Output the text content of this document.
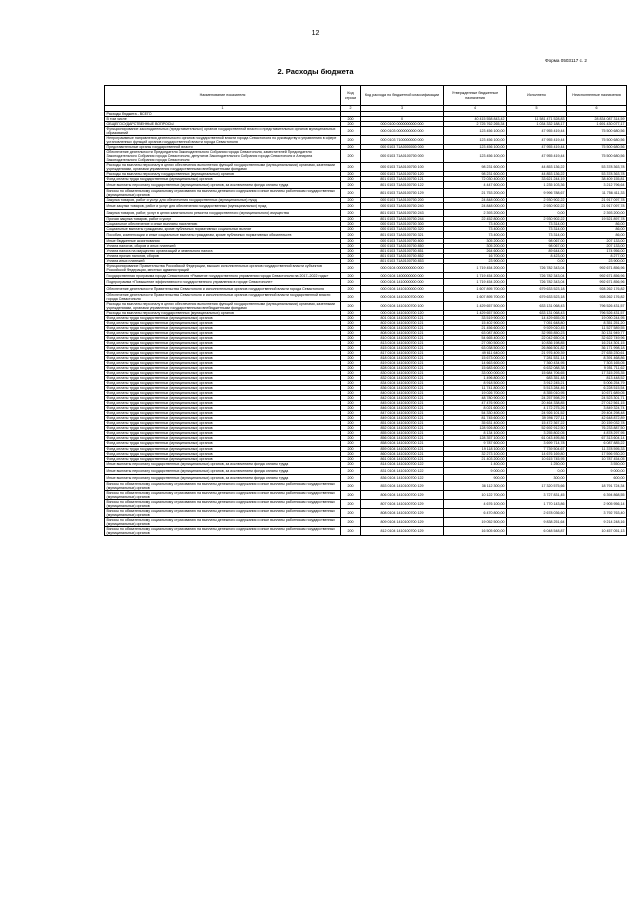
12
Форма 0503117 с. 2
2. Расходы бюджета
Наименование показателя	Код строки	Код расхода по бюджетной классификации	Утвержденные бюджетные назначения	Исполнено	Неисполненные назначения
1	2	3	4	5	6
Расходы бюджета - ВСЕГО					
В том числе	200	X	40 415 558 843,42	11 581 471 528,83	28 834 087 314,59
ОБЩЕГОСУДАРСТВЕННЫЕ ВОПРОСЫ	200	000 0100 0000000000 000	2 725 762 265,34	1 034 332 188,17	1 691 430 077,17
Функционирование законодательных (представительных) органов государственной власти и представительных органов муниципальных образований	200	000 0103 0000000000 000	123 456 100,00	47 955 419,44	75 500 680,56
Непрограммные направления деятельности органов государственной власти города Севастополя по руководству и управлению в сфере установленных функций органов государственной власти города Севастополя	200	000 0103 7100000000 000	123 456 100,00	47 955 419,44	75 500 680,56
Представительные органы государственной власти	200	000 0103 71A0000000 000	123 456 100,00	47 955 419,44	75 500 680,56
Обеспечение деятельности Председателя Законодательного Собрания города Севастополя, заместителей Председателя Законодательного Собрания города Севастополя, депутатов Законодательного Собрания города Севастополя и Аппарата Законодательного Собрания города Севастополя	200	000 0103 71A0100700 000	123 456 100,00	47 955 419,44	75 500 680,56
Расходы на выплаты персоналу в целях обеспечения выполнения функций государственными (муниципальными) органами, казенными учреждениями, органами управления государственными внебюджетными фондами	200	000 0103 71A0100700 100	98 231 600,00	44 853 136,22	53 378 363,78
Расходы на выплаты персоналу государственных (муниципальных) органов	200	000 0103 71A0100700 120	98 231 600,00	44 853 136,22	53 378 363,78
Фонд оплаты труда государственных (муниципальных) органов	200	801 0103 71A0100700 121	72 030 400,00	33 621 244,19	38 409 155,81
Иные выплаты персоналу государственных (муниципальных) органов, за исключением фонда оплаты труда	200	801 0103 71A0100700 122	4 447 600,00	1 235 103,36	3 212 796,64
Взносы по обязательному социальному страхованию на выплаты денежного содержания и иные выплаты работникам государственных (муниципальных) органов	200	801 0103 71A0100700 129	21 753 200,00	9 996 788,67	11 756 411,33
Закупка товаров, работ и услуг для обеспечения государственных (муниципальных) нужд	200	000 0103 71A0100700 200	24 848 000,00	2 930 902,22	21 917 097,78
Иные закупки товаров, работ и услуг для обеспечения государственных (муниципальных) нужд	200	000 0103 71A0100700 240	24 848 000,00	2 930 902,22	21 917 097,78
Закупка товаров, работ, услуг в целях капитального ремонта государственного (муниципального) имущества	200	801 0103 71A0100700 243	2 393 200,00	0,00	2 393 200,00
Прочая закупка товаров, работ и услуг	200	801 0103 71A0100700 244	22 452 800,00	2 930 902,22	19 521 897,78
Социальное обеспечение и иные выплаты населению	200	000 0103 71A0100700 300	73 400,00	73 314,00	86,00
Социальные выплаты гражданам, кроме публичных нормативных социальных выплат	200	000 0103 71A0100700 320	73 400,00	73 314,00	86,00
Пособия, компенсации и иные социальные выплаты гражданам, кроме публичных нормативных обязательств	200	801 0103 71A0100700 321	73 400,00	73 314,00	86,00
Иные бюджетные ассигнования	200	000 0103 71A0100700 800	305 200,00	98 067,00	207 133,00
Уплата налогов, сборов и иных платежей	200	000 0103 71A0100700 850	305 200,00	98 067,00	207 133,00
Уплата налога на имущество организаций и земельного налога	200	801 0103 71A0100700 851	264 600,00	89 644,00	174 956,00
Уплата прочих налогов, сборов	200	801 0103 71A0100700 852	16 700,00	8 423,00	8 277,00
Уплата иных платежей	200	801 0103 71A0100700 853	23 900,00	0,00	23 900,00
Функционирование Правительства Российской Федерации, высших исполнительных органов государственной власти субъектов Российской Федерации, местных администраций	200	000 0104 0000000000 000	1 719 454 200,00	726 782 343,04	992 671 856,96
Государственная программа города Севастополя «Развитие государственного управления города Севастополя на 2017–2022 годы»	200	000 0104 1400000000 000	1 719 454 200,00	726 782 343,04	992 671 856,96
Подпрограмма «Повышение эффективности государственного управления в городе Севастополе»	200	000 0104 1410000000 000	1 719 454 200,00	726 782 343,04	992 671 856,96
Обеспечение деятельности Правительства Севастополя и исполнительных органов государственной власти города Севастополя	200	000 0104 1410100000 000	1 607 895 700,00	679 633 523,18	928 262 176,82
Обеспечение деятельности Правительства Севастополя и исполнительных органов государственной власти государственной власти города Севастополя	200	000 0104 1410100700 000	1 607 895 700,00	679 633 523,18	928 262 176,82
Расходы на выплаты персоналу в целях обеспечения выполнения функций государственными (муниципальными) органами, казенными учреждениями, органами управления государственными внебюджетными фондами	200	000 0104 1410100700 100	1 429 657 500,00	633 131 068,43	796 526 431,57
Расходы на выплаты персоналу государственных (муниципальных) органов	200	000 0104 1410100700 120	1 429 657 500,00	633 131 068,43	796 526 431,57
Фонд оплаты труда государственных (муниципальных) органов	200	801 0104 1410100700 121	33 519 900,00	14 429 655,05	19 090 244,95
Фонд оплаты труда государственных (муниципальных) органов	200	802 0104 1410100700 121	15 402 900,00	7 051 648,80	8 351 251,20
Фонд оплаты труда государственных (муниципальных) органов	200	806 0104 1410100700 121	21 456 600,00	9 929 010,45	11 527 589,55
Фонд оплаты труда государственных (муниципальных) органов	200	808 0104 1410100700 121	63 087 800,00	32 955 850,23	30 131 949,77
Фонд оплаты труда государственных (муниципальных) органов	200	810 0104 1410100700 121	54 665 400,00	22 042 650,04	32 622 749,96
Фонд оплаты труда государственных (муниципальных) органов	200	813 0104 1410100700 121	27 050 500,00	10 836 198,85	16 214 301,15
Фонд оплаты труда государственных (муниципальных) органов	200	815 0104 1410100700 121	63 038 500,00	26 866 501,82	36 171 998,18
Фонд оплаты труда государственных (муниципальных) органов	200	817 0104 1410100700 121	49 611 640,00	21 976 409,39	27 635 230,61
Фонд оплаты труда государственных (муниципальных) органов	200	818 0104 1410100700 121	15 673 000,00	7 281 531,14	8 391 468,86
Фонд оплаты труда государственных (муниципальных) органов	200	819 0104 1410100700 121	14 663 600,00	7 360 434,95	7 303 165,05
Фонд оплаты труда государственных (муниципальных) органов	200	828 0104 1410100700 121	15 683 600,00	6 632 088,38	9 051 711,62
Фонд оплаты труда государственных (муниципальных) органов	200	830 0104 1410100700 121	33 000 000,00	15 684 706,65	17 315 293,35
Фонд оплаты труда государственных (муниципальных) органов	200	832 0104 1410100700 121	1 496 800,00	683 351,48	813 448,52
Фонд оплаты труда государственных (муниципальных) органов	200	834 0104 1410100700 121	8 918 500,00	3 912 245,21	5 006 254,79
Фонд оплаты труда государственных (муниципальных) органов	200	836 0104 1410100700 121	11 741 800,00	5 513 284,46	6 228 515,54
Фонд оплаты труда государственных (муниципальных) органов	200	840 0104 1410100700 121	19 026 700,00	8 355 010,95	10 671 689,05
Фонд оплаты труда государственных (муниципальных) органов	200	842 0104 1410100700 121	48 780 900,00	24 257 598,29	24 523 301,71
Фонд оплаты труда государственных (муниципальных) органов	200	845 0104 1410100700 121	47 476 900,00	20 464 338,85	27 012 561,15
Фонд оплаты труда государственных (муниципальных) органов	200	846 0104 1410100700 121	8 021 600,00	4 172 275,26	3 849 324,74
Фонд оплаты труда государственных (муниципальных) органов	200	847 0104 1410100700 121	54 330 400,00	24 926 101,52	29 404 298,48
Фонд оплаты труда государственных (муниципальных) органов	200	849 0104 1410100700 121	81 745 600,00	39 096 727,11	42 648 872,89
Фонд оплаты труда государственных (муниципальных) органов	200	851 0104 1410100700 121	35 631 400,00	15 472 367,22	20 159 032,78
Фонд оплаты труда государственных (муниципальных) органов	200	852 0104 1410100700 121	128 926 800,00	52 692 912,50	76 233 887,50
Фонд оплаты труда государственных (муниципальных) органов	200	855 0104 1410100700 121	8 134 100,00	3 255 802,05	4 878 297,95
Фонд оплаты труда государственных (муниципальных) органов	200	856 0104 1410100700 121	128 357 100,00	61 043 495,86	67 313 604,14
Фонд оплаты труда государственных (муниципальных) органов	200	858 0104 1410100700 121	9 787 600,00	3 699 714,78	6 087 885,22
Фонд оплаты труда государственных (муниципальных) органов	200	859 0104 1410100700 121	19 118 100,00	7 739 504,67	11 378 595,33
Фонд оплаты труда государственных (муниципальных) органов	200	860 0104 1410100700 121	32 273 100,00	14 676 169,80	17 596 930,20
Фонд оплаты труда государственных (муниципальных) органов	200	861 0104 1410100700 121	21 403 200,00	10 615 745,95	10 787 454,05
Иные выплаты персоналу государственных (муниципальных) органов, за исключением фонда оплаты труда	200	814 0104 1410100700 122	1 400,00	1 250,00	3 550,00
Иные выплаты персоналу государственных (муниципальных) органов, за исключением фонда оплаты труда	200	831 0104 1410100700 122	9 000,00	0,00	9 000,00
Иные выплаты персоналу государственных (муниципальных) органов, за исключением фонда оплаты труда	200	836 0104 1410100700 122	900,00	300,00	600,00
Взносы по обязательному социальному страхованию на выплаты денежного содержания и иные выплаты работникам государственных (муниципальных) органов	200	853 0104 1410100700 129	36 112 300,00	17 320 575,66	18 791 724,34
Взносы по обязательному социальному страхованию на выплаты денежного содержания и иные выплаты работникам государственных (муниципальных) органов	200	806 0104 1410100700 129	10 122 700,00	3 727 831,45	6 394 868,55
Взносы по обязательному социальному страхованию на выплаты денежного содержания и иные выплаты работникам государственных (муниципальных) органов	200	807 0104 1410100700 129	4 676 100,00	1 770 143,86	2 905 956,14
Взносы по обязательному социальному страхованию на выплаты денежного содержания и иные выплаты работникам государственных (муниципальных) органов	200	808 0104 1410100700 129	6 470 800,00	2 678 036,60	3 792 763,40
Взносы по обязательному социальному страхованию на выплаты денежного содержания и иные выплаты работникам государственных (муниципальных) органов	200	809 0104 1410100700 129	19 052 500,00	9 838 251,64	9 214 248,16
Взносы по обязательному социальному страхованию на выплаты денежного содержания и иные выплаты работникам государственных (муниципальных) органов	200	812 0104 1410100700 129	16 505 600,00	6 048 548,87	10 457 051,13
